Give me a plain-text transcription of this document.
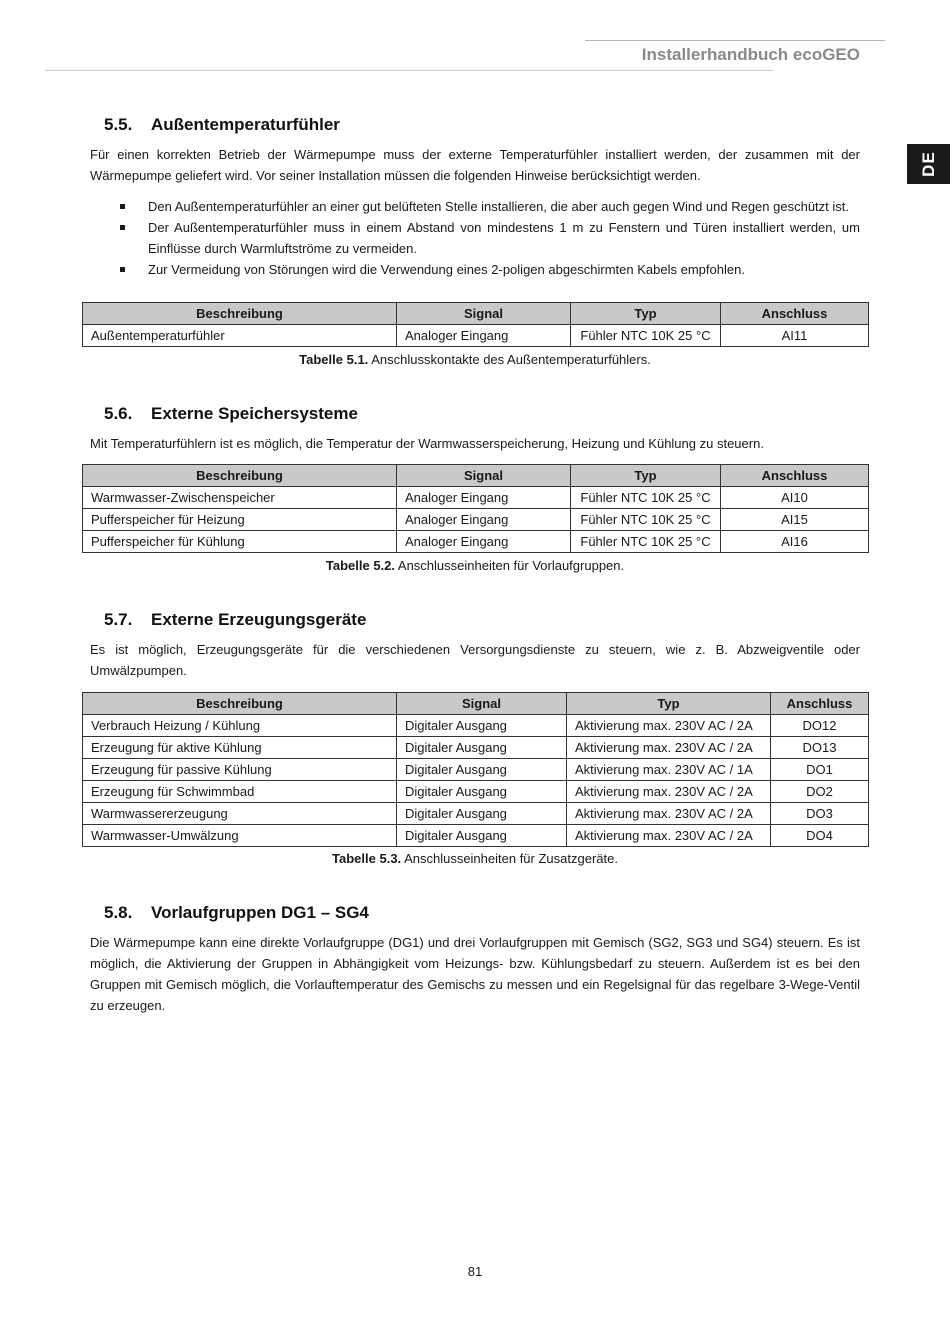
Installerhandbuch ecoGEO
DE
5.5. Außentemperaturfühler

Für einen korrekten Betrieb der Wärmepumpe muss der externe Temperaturfühler installiert werden, der zusammen mit der Wärmepumpe geliefert wird. Vor seiner Installation müssen die folgenden Hinweise berücksichtigt werden.

Den Außentemperaturfühler an einer gut belüfteten Stelle installieren, die aber auch gegen Wind und Regen geschützt ist.
Der Außentemperaturfühler muss in einem Abstand von mindestens 1 m zu Fenstern und Türen installiert werden, um Einflüsse durch Warmluftströme zu vermeiden.
Zur Vermeidung von Störungen wird die Verwendung eines 2-poligen abgeschirmten Kabels empfohlen.
Beschreibung	Signal	Typ	Anschluss
Außentemperaturfühler	Analoger Eingang	Fühler NTC 10K 25 °C	AI11
Tabelle 5.1. Anschlusskontakte des Außentemperaturfühlers.
5.6. Externe Speichersysteme

Mit Temperaturfühlern ist es möglich, die Temperatur der Warmwasserspeicherung, Heizung und Kühlung zu steuern.

Beschreibung	Signal	Typ	Anschluss
Warmwasser-Zwischenspeicher	Analoger Eingang	Fühler NTC 10K 25 °C	AI10
Pufferspeicher für Heizung	Analoger Eingang	Fühler NTC 10K 25 °C	AI15
Pufferspeicher für Kühlung	Analoger Eingang	Fühler NTC 10K 25 °C	AI16
Tabelle 5.2. Anschlusseinheiten für Vorlaufgruppen.
5.7. Externe Erzeugungsgeräte

Es ist möglich, Erzeugungsgeräte für die verschiedenen Versorgungsdienste zu steuern, wie z. B. Abzweigventile oder Umwälzpumpen.

Beschreibung	Signal	Typ	Anschluss
Verbrauch Heizung / Kühlung	Digitaler Ausgang	Aktivierung max. 230V AC / 2A	DO12
Erzeugung für aktive Kühlung	Digitaler Ausgang	Aktivierung max. 230V AC / 2A	DO13
Erzeugung für passive Kühlung	Digitaler Ausgang	Aktivierung max. 230V AC / 1A	DO1
Erzeugung für Schwimmbad	Digitaler Ausgang	Aktivierung max. 230V AC / 2A	DO2
Warmwassererzeugung	Digitaler Ausgang	Aktivierung max. 230V AC / 2A	DO3
Warmwasser-Umwälzung	Digitaler Ausgang	Aktivierung max. 230V AC / 2A	DO4
Tabelle 5.3. Anschlusseinheiten für Zusatzgeräte.
5.8. Vorlaufgruppen DG1 – SG4

Die Wärmepumpe kann eine direkte Vorlaufgruppe (DG1) und drei Vorlaufgruppen mit Gemisch (SG2, SG3 und SG4) steuern. Es ist möglich, die Aktivierung der Gruppen in Abhängigkeit vom Heizungs- bzw. Kühlungsbedarf zu steuern. Außerdem ist es bei den Gruppen mit Gemisch möglich, die Vorlauftemperatur des Gemischs zu messen und ein Regelsignal für das regelbare 3-Wege-Ventil zu erzeugen.

81
